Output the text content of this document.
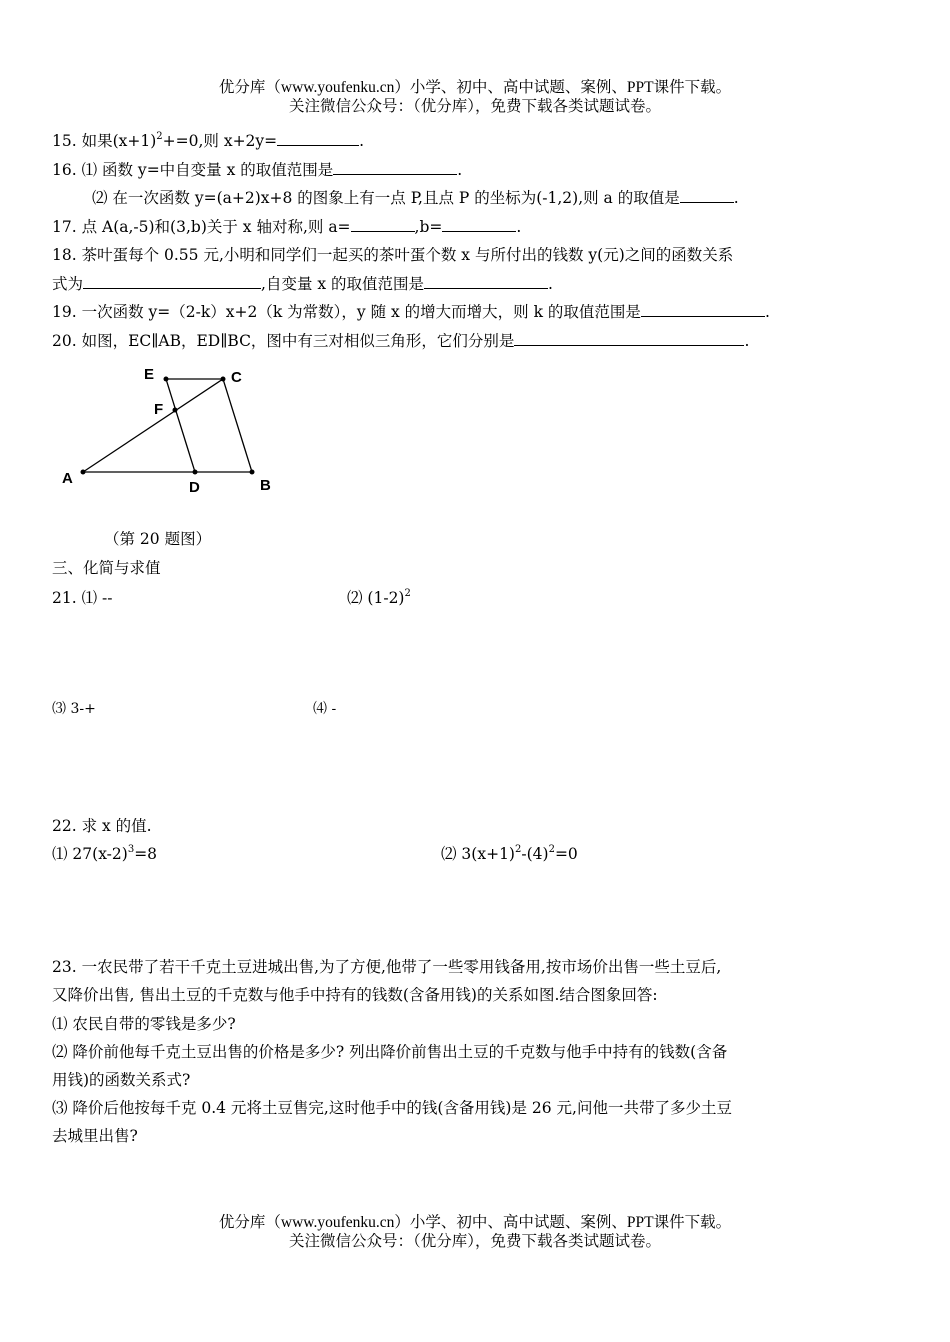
优分库（www.youfenku.cn）小学、初中、高中试题、案例、PPT课件下载。
关注微信公众号：（优分库），免费下载各类试题试卷。
15. 如果$(x+1)^2+=0$,则 x+2y=	.
16. ⑴ 函数 y=中自变量 x 的取值范围是	.
⑵ 在一次函数 y=(a+2)x+8 的图象上有一点 P,且点 P 的坐标为(-1,2),则 a 的取值是	.
17. 点 A(a,-5)和(3,b)关于 x 轴对称,则 a=	,b=	.
18. 茶叶蛋每个 0.55 元,小明和同学们一起买的茶叶蛋个数 x 与所付出的钱数 y(元)之间的函数关系
式为	,自变量 x 的取值范围是	.
19. 一次函数 y=（2-k）x+2（k 为常数），y 随 x 的增大而增大，则 k 的取值范围是	.
20. 如图，EC∥AB，ED∥BC，图中有三对相似三角形，它们分别是	.
E	C
F
A
D	B
（第 20 题图）
三、化简与求值
21. ⑴ --	⑵ $(1-2)^2$
⑶ 3-+	⑷ -
22. 求 x 的值.
⑴ $27(x-2)^3=8$	⑵ $3(x+1)^2-(4)^2=0$
23. 一农民带了若干千克土豆进城出售,为了方便,他带了一些零用钱备用,按市场价出售一些土豆后,
又降价出售, 售出土豆的千克数与他手中持有的钱数(含备用钱)的关系如图.结合图象回答:
⑴ 农民自带的零钱是多少?
⑵ 降价前他每千克土豆出售的价格是多少? 列出降价前售出土豆的千克数与他手中持有的钱数(含备
用钱)的函数关系式?
⑶ 降价后他按每千克 0.4 元将土豆售完,这时他手中的钱(含备用钱)是 26 元,问他一共带了多少土豆
去城里出售?
优分库（www.youfenku.cn）小学、初中、高中试题、案例、PPT课件下载。
关注微信公众号：（优分库），免费下载各类试题试卷。
